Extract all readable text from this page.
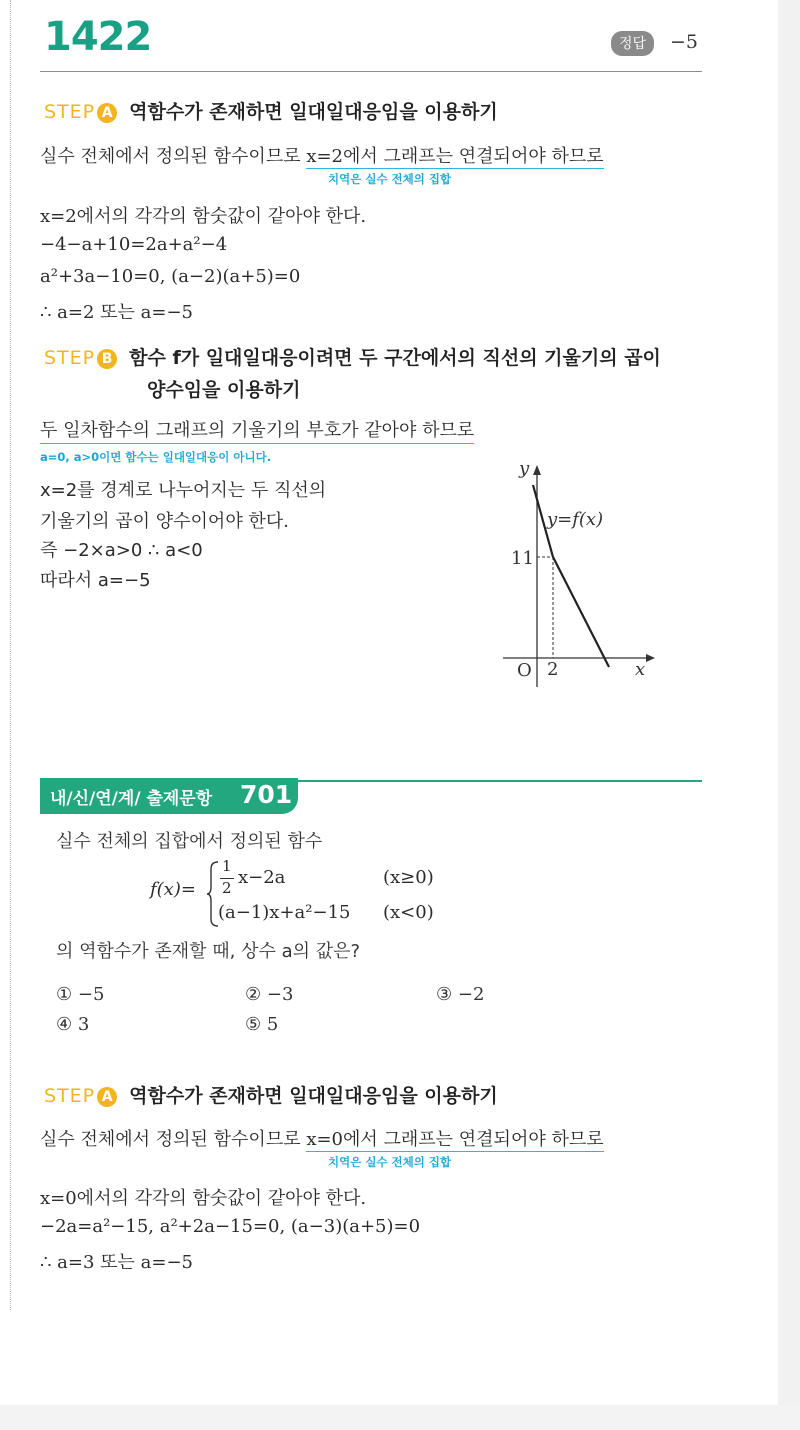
1422	정답	−5
STEP A 역함수가 존재하면 일대일대응임을 이용하기
실수 전체에서 정의된 함수이므로 x=2에서 그래프는 연결되어야 하므로
치역은 실수 전체의 집합
x=2에서의 각각의 함숫값이 같아야 한다.
−4−a+10=2a+a²−4
a²+3a−10=0, (a−2)(a+5)=0
∴ a=2 또는 a=−5
STEP B 함수 f가 일대일대응이려면 두 구간에서의 직선의 기울기의 곱이
양수임을 이용하기
두 일차함수의 그래프의 기울기의 부호가 같아야 하므로
a=0, a>0이면 함수는 일대일대응이 아니다.
x=2를 경계로 나누어지는 두 직선의
기울기의 곱이 양수이어야 한다.
즉 −2×a>0 ∴ a<0
따라서 a=−5
y
x
O
y=f(x)
11
2
내/신/연/계/ 출제문항 701
실수 전체의 집합에서 정의된 함수
f(x)=
1
2 x−2a	(x≥0)
(a−1)x+a²−15 (x<0)
의 역함수가 존재할 때, 상수 a의 값은?
① −5	② −3	③ −2
④ 3	⑤ 5
STEP A 역함수가 존재하면 일대일대응임을 이용하기
실수 전체에서 정의된 함수이므로 x=0에서 그래프는 연결되어야 하므로
치역은 실수 전체의 집합
x=0에서의 각각의 함숫값이 같아야 한다.
−2a=a²−15, a²+2a−15=0, (a−3)(a+5)=0
∴ a=3 또는 a=−5
